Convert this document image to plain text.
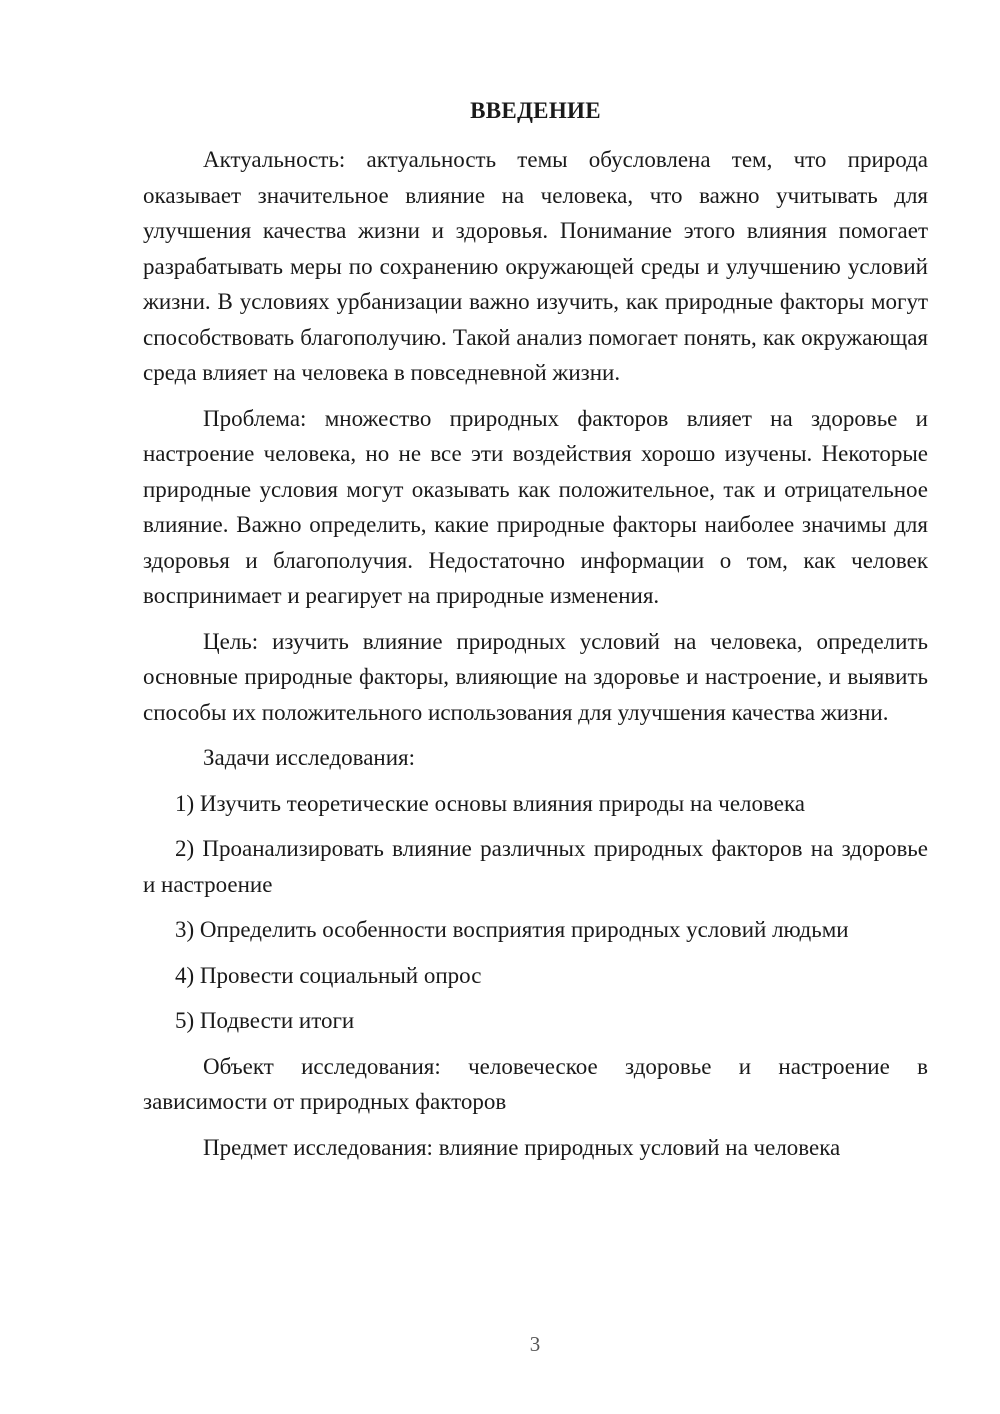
ВВЕДЕНИЕ

Актуальность: актуальность темы обусловлена тем, что природа оказывает значительное влияние на человека, что важно учитывать для улучшения качества жизни и здоровья. Понимание этого влияния помогает разрабатывать меры по сохранению окружающей среды и улучшению условий жизни. В условиях урбанизации важно изучить, как природные факторы могут способствовать благополучию. Такой анализ помогает понять, как окружающая среда влияет на человека в повседневной жизни.

Проблема: множество природных факторов влияет на здоровье и настроение человека, но не все эти воздействия хорошо изучены. Некоторые природные условия могут оказывать как положительное, так и отрицательное влияние. Важно определить, какие природные факторы наиболее значимы для здоровья и благополучия. Недостаточно информации о том, как человек воспринимает и реагирует на природные изменения.

Цель: изучить влияние природных условий на человека, определить основные природные факторы, влияющие на здоровье и настроение, и выявить способы их положительного использования для улучшения качества жизни.

Задачи исследования:

1) Изучить теоретические основы влияния природы на человека

2) Проанализировать влияние различных природных факторов на здоровье и настроение

3) Определить особенности восприятия природных условий людьми

4) Провести социальный опрос

5) Подвести итоги

Объект исследования: человеческое здоровье и настроение в зависимости от природных факторов

Предмет исследования: влияние природных условий на человека

3
